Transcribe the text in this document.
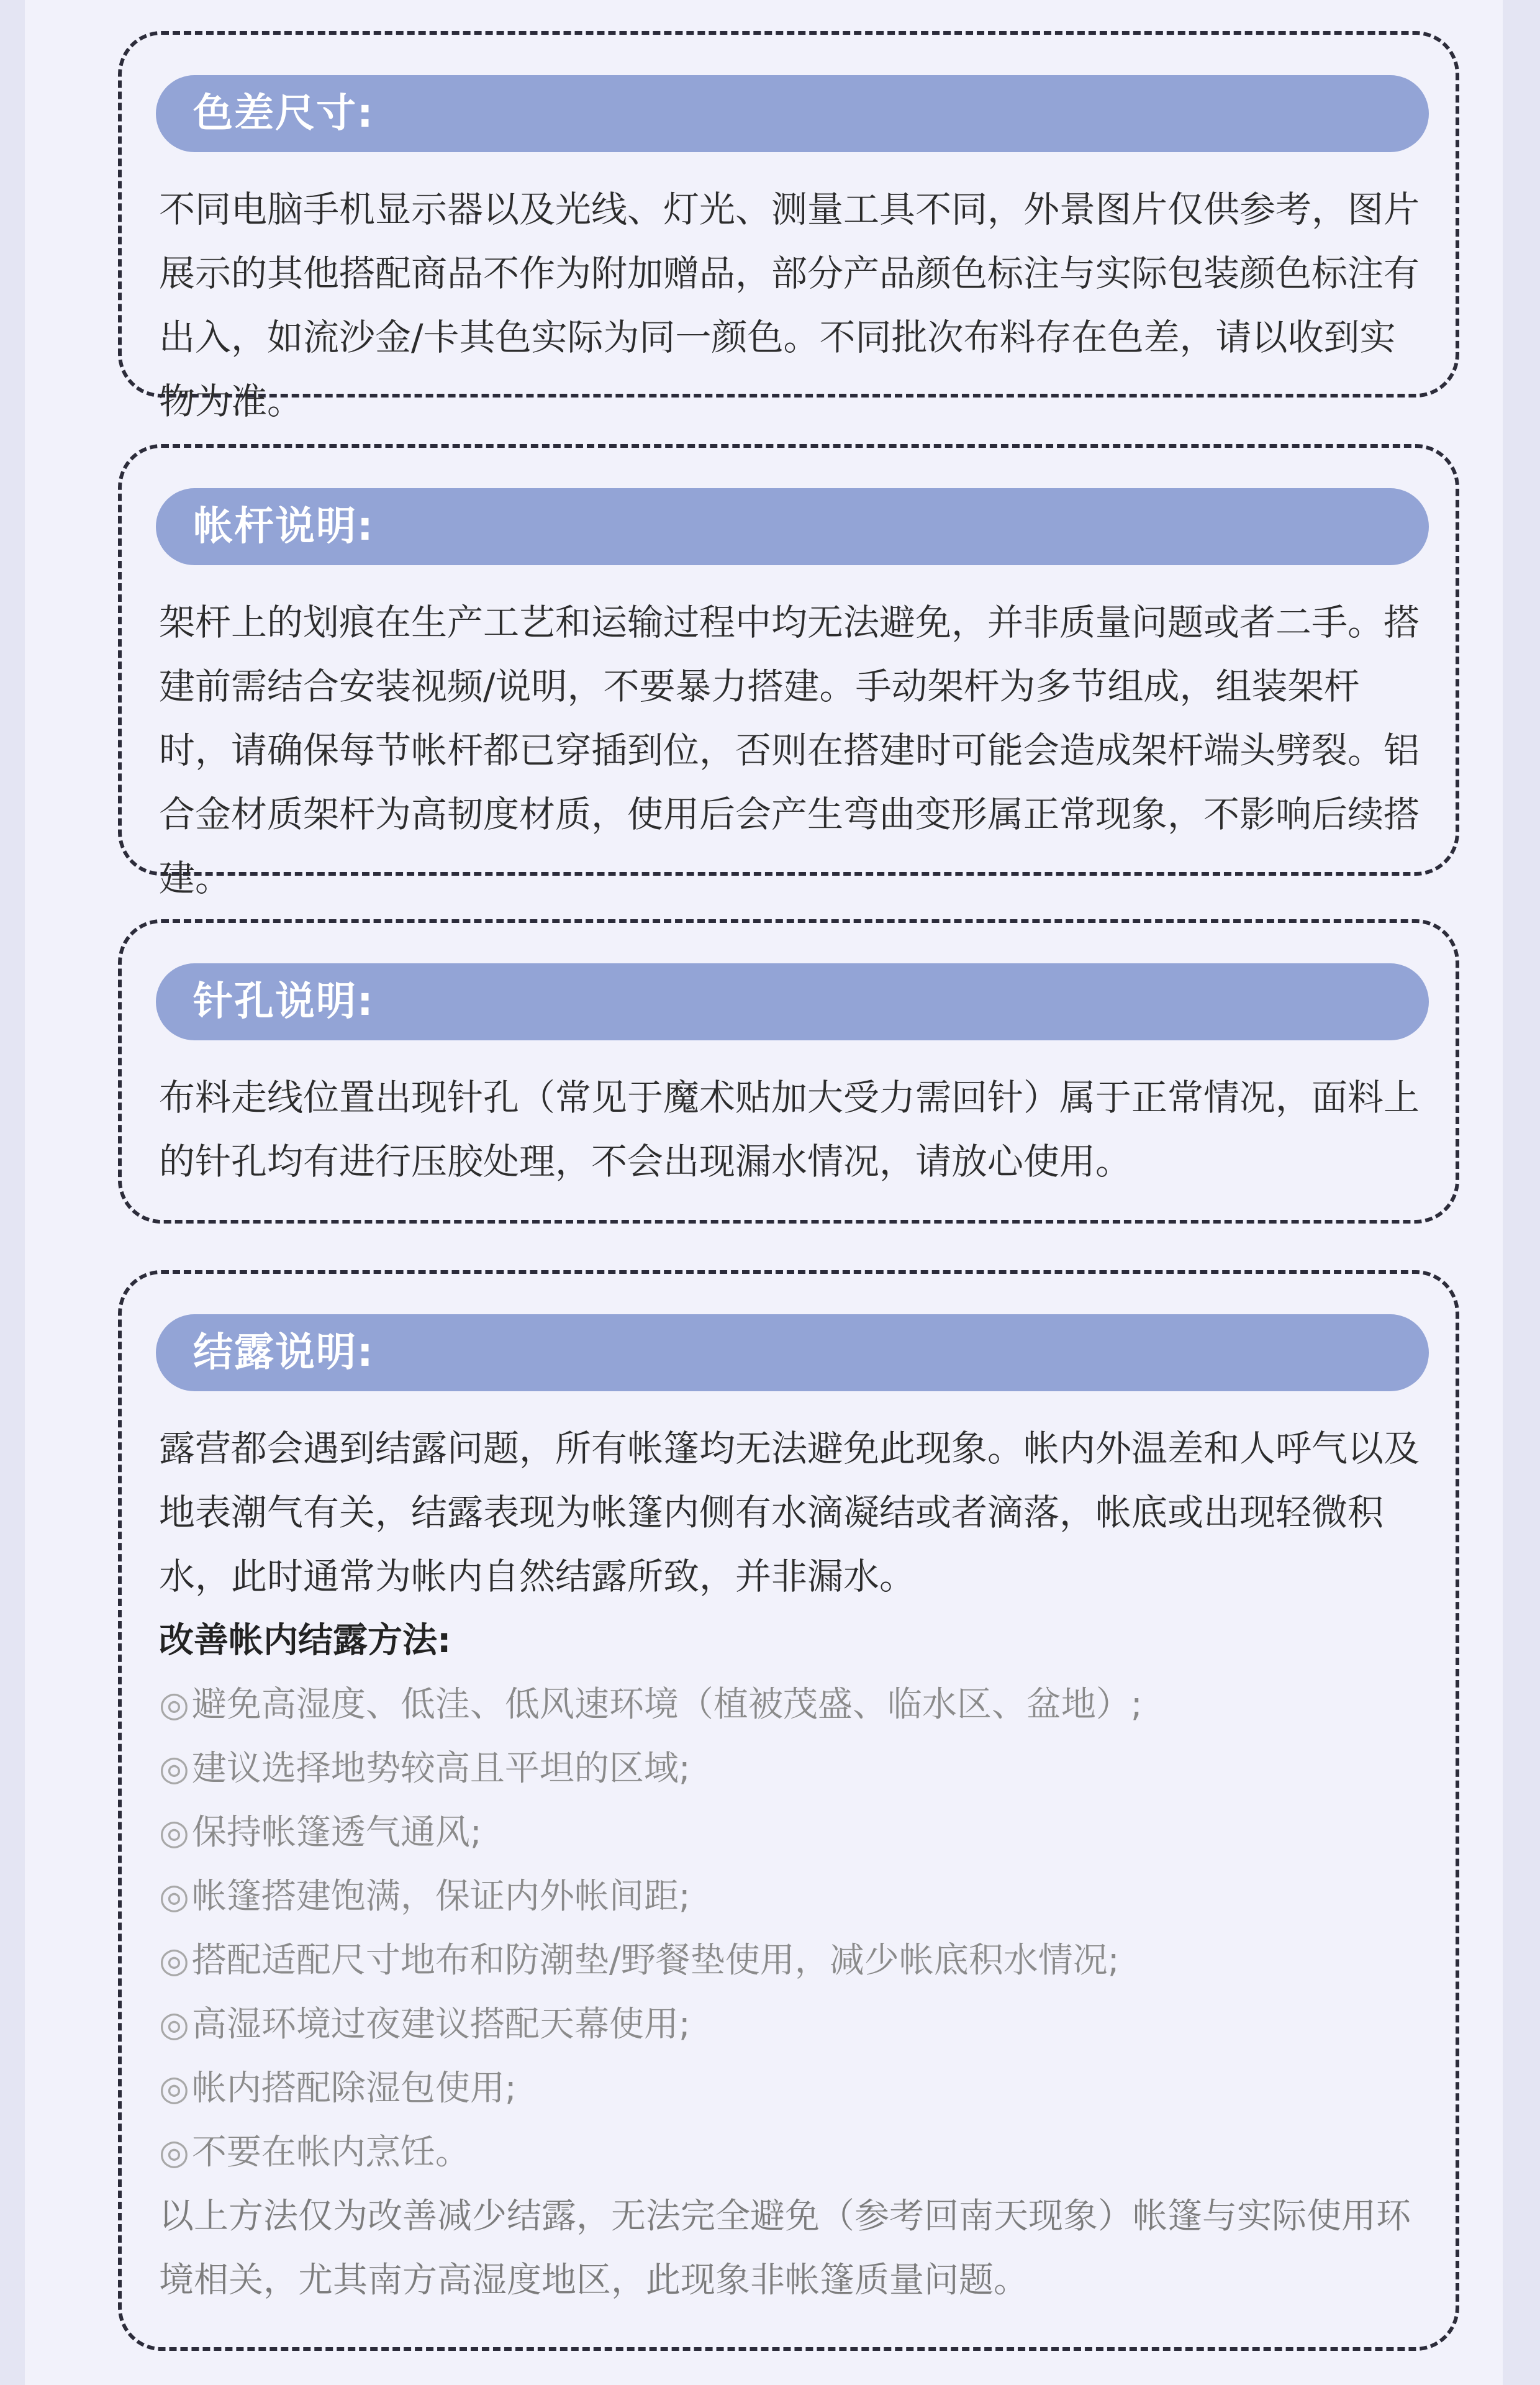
色差尺寸:

不同电脑手机显示器以及光线、灯光、测量工具不同，外景图片仅供参考，图片展示的其他搭配商品不作为附加赠品，部分产品颜色标注与实际包装颜色标注有出入，如流沙金/卡其色实际为同一颜色。不同批次布料存在色差，请以收到实物为准。

帐杆说明:

架杆上的划痕在生产工艺和运输过程中均无法避免，并非质量问题或者二手。搭建前需结合安装视频/说明，不要暴力搭建。手动架杆为多节组成，组装架杆时，请确保每节帐杆都已穿插到位，否则在搭建时可能会造成架杆端头劈裂。铝合金材质架杆为高韧度材质，使用后会产生弯曲变形属正常现象，不影响后续搭建。

针孔说明:

布料走线位置出现针孔（常见于魔术贴加大受力需回针）属于正常情况，面料上的针孔均有进行压胶处理，不会出现漏水情况，请放心使用。

结露说明:

露营都会遇到结露问题，所有帐篷均无法避免此现象。帐内外温差和人呼气以及地表潮气有关，结露表现为帐篷内侧有水滴凝结或者滴落，帐底或出现轻微积水，此时通常为帐内自然结露所致，并非漏水。

改善帐内结露方法:

◎避免高湿度、低洼、低风速环境（植被茂盛、临水区、盆地）;

◎建议选择地势较高且平坦的区域;

◎保持帐篷透气通风;

◎帐篷搭建饱满，保证内外帐间距;

◎搭配适配尺寸地布和防潮垫/野餐垫使用，减少帐底积水情况;

◎高湿环境过夜建议搭配天幕使用;

◎帐内搭配除湿包使用;

◎不要在帐内烹饪。

以上方法仅为改善减少结露，无法完全避免（参考回南天现象）帐篷与实际使用环境相关，尤其南方高湿度地区，此现象非帐篷质量问题。
